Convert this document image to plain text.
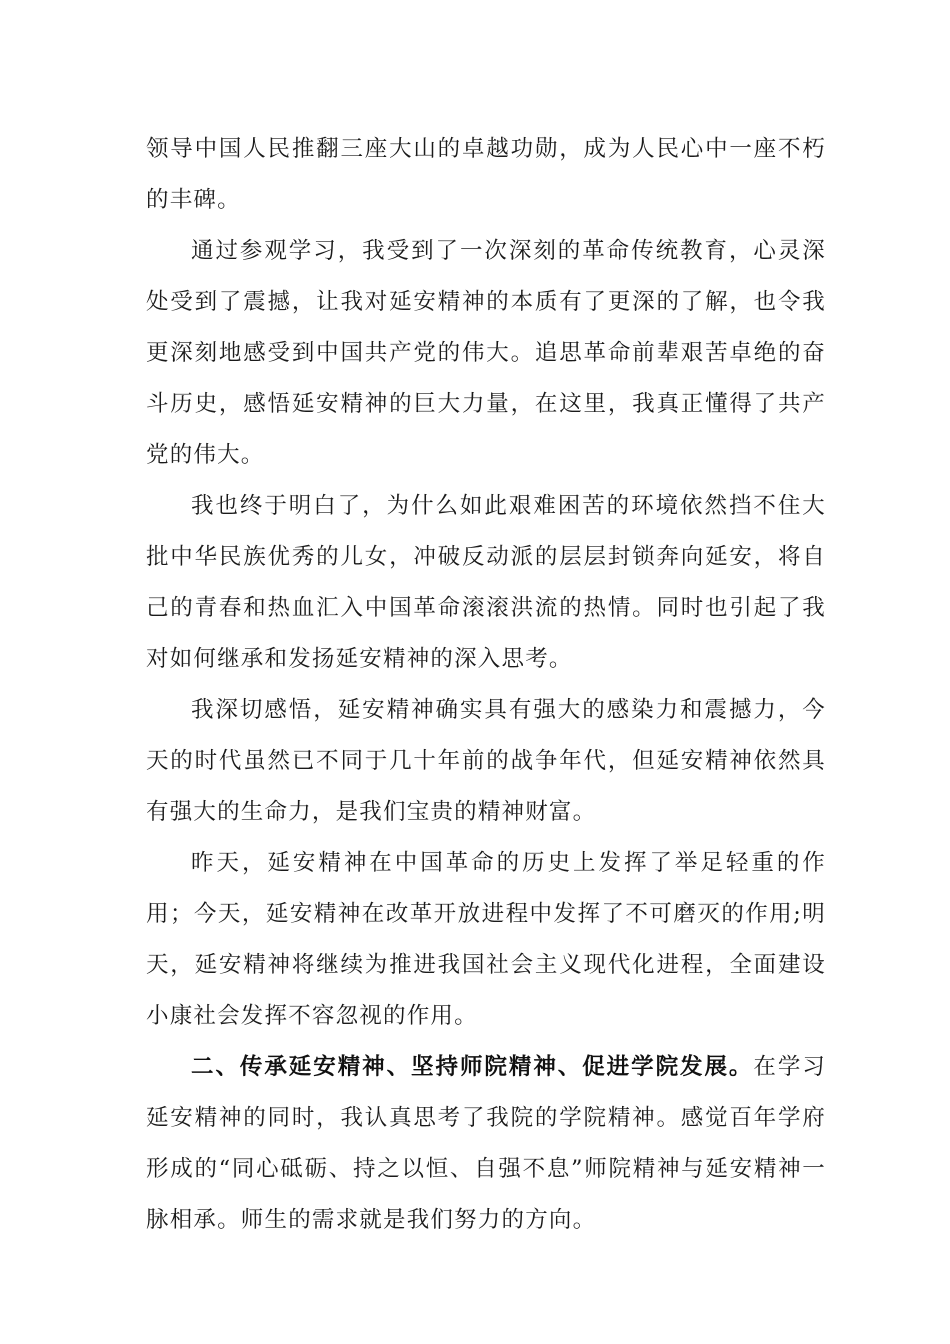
领导中国人民推翻三座大山的卓越功勋，成为人民心中一座不朽的丰碑。

通过参观学习，我受到了一次深刻的革命传统教育，心灵深处受到了震撼，让我对延安精神的本质有了更深的了解，也令我更深刻地感受到中国共产党的伟大。追思革命前辈艰苦卓绝的奋斗历史，感悟延安精神的巨大力量，在这里，我真正懂得了共产党的伟大。

我也终于明白了，为什么如此艰难困苦的环境依然挡不住大批中华民族优秀的儿女，冲破反动派的层层封锁奔向延安，将自己的青春和热血汇入中国革命滚滚洪流的热情。同时也引起了我对如何继承和发扬延安精神的深入思考。

我深切感悟，延安精神确实具有强大的感染力和震撼力，今天的时代虽然已不同于几十年前的战争年代，但延安精神依然具有强大的生命力，是我们宝贵的精神财富。

昨天，延安精神在中国革命的历史上发挥了举足轻重的作用；今天，延安精神在改革开放进程中发挥了不可磨灭的作用;明天，延安精神将继续为推进我国社会主义现代化进程，全面建设小康社会发挥不容忽视的作用。

二、传承延安精神、坚持师院精神、促进学院发展。在学习延安精神的同时，我认真思考了我院的学院精神。感觉百年学府形成的“同心砥砺、持之以恒、自强不息”师院精神与延安精神一脉相承。师生的需求就是我们努力的方向。
